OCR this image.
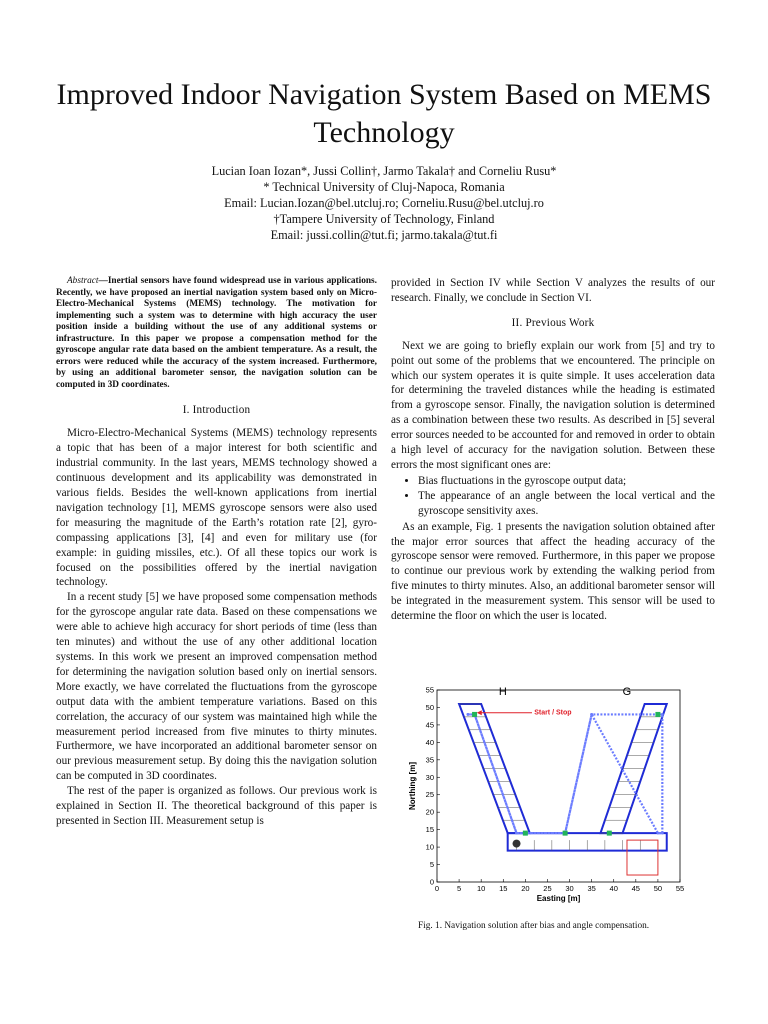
Improved Indoor Navigation System Based on MEMS Technology
Lucian Ioan Iozan*, Jussi Collin†, Jarmo Takala† and Corneliu Rusu*
* Technical University of Cluj-Napoca, Romania
Email: Lucian.Iozan@bel.utcluj.ro; Corneliu.Rusu@bel.utcluj.ro
†Tampere University of Technology, Finland
Email: jussi.collin@tut.fi; jarmo.takala@tut.fi

Abstract—Inertial sensors have found widespread use in various applications. Recently, we have proposed an inertial navigation system based only on Micro-Electro-Mechanical Systems (MEMS) technology. The motivation for implementing such a system was to determine with high accuracy the user position inside a building without the use of any additional systems or infrastructure. In this paper we propose a compensation method for the gyroscope angular rate data based on the ambient temperature. As a result, the errors were reduced while the accuracy of the system increased. Furthermore, by using an additional barometer sensor, the navigation solution can be computed in 3D coordinates.

I. Introduction

Micro-Electro-Mechanical Systems (MEMS) technology represents a topic that has been of a major interest for both scientific and industrial community. In the last years, MEMS technology showed a continuous development and its applicability was demonstrated in various fields. Besides the well-known applications from inertial navigation technology [1], MEMS gyroscope sensors were also used for measuring the magnitude of the Earth’s rotation rate [2], gyro-compassing applications [3], [4] and even for military use (for example: in guiding missiles, etc.). Of all these topics our work is focused on the possibilities offered by the inertial navigation technology.

In a recent study [5] we have proposed some compensation methods for the gyroscope angular rate data. Based on these compensations we were able to achieve high accuracy for short periods of time (less than ten minutes) and without the use of any other additional location systems. In this work we present an improved compensation method for determining the navigation solution based only on inertial sensors. More exactly, we have correlated the fluctuations from the gyroscope output data with the ambient temperature variations. Based on this correlation, the accuracy of our system was maintained high while the measurement period increased from five minutes to thirty minutes. Furthermore, we have incorporated an additional barometer sensor on our previous measurement setup. By doing this the navigation solution can be computed in 3D coordinates.

The rest of the paper is organized as follows. Our previous work is explained in Section II. The theoretical background of this paper is presented in Section III. Measurement setup is

provided in Section IV while Section V analyzes the results of our research. Finally, we conclude in Section VI.

II. Previous Work

Next we are going to briefly explain our work from [5] and try to point out some of the problems that we encountered. The principle on which our system operates it is quite simple. It uses acceleration data for determining the traveled distances while the heading is estimated from a gyroscope sensor. Finally, the navigation solution is determined as a combination between these two results. As described in [5] several error sources needed to be accounted for and removed in order to obtain a high level of accuracy for the navigation solution. Between these errors the most significant ones are:

• Bias fluctuations in the gyroscope output data;
• The appearance of an angle between the local vertical and the gyroscope sensitivity axes.

As an example, Fig. 1 presents the navigation solution obtained after the major error sources that affect the heading accuracy of the gyroscope sensor were removed. Furthermore, in this paper we propose to continue our previous work by extending the walking period from five minutes to thirty minutes. Also, an additional barometer sensor will be integrated in the measurement system. This sensor will be used to determine the floor on which the user is located.

0 5 10 15 20 25 30 35 40 45 50 55
0
5
10
15
20
25
30
35
40
45
50
55	H	G
Start / Stop
Easting [m]
Northing [m]
Fig. 1. Navigation solution after bias and angle compensation.
